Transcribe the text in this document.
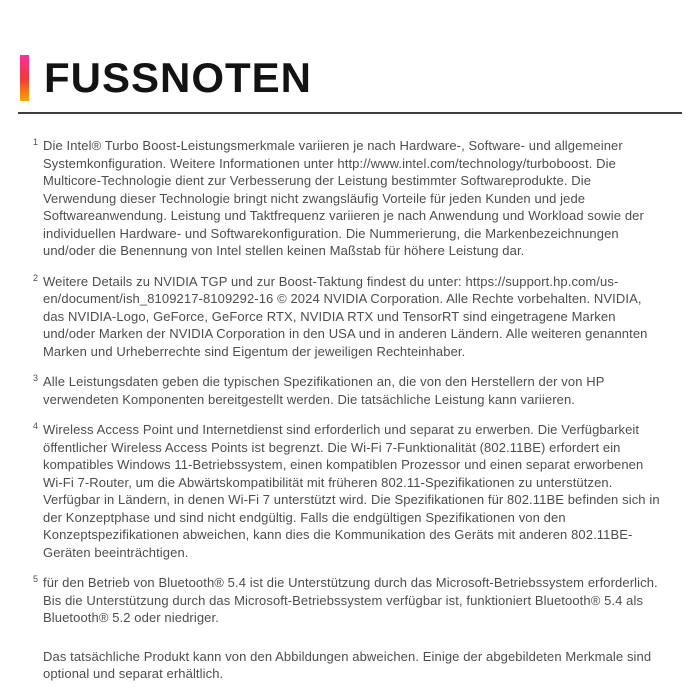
FUSSNOTEN

1 Die Intel® Turbo Boost-Leistungsmerkmale variieren je nach Hardware-, Software- und allgemeiner Systemkonfiguration. Weitere Informationen unter http://www.intel.com/technology/turboboost. Die Multicore-Technologie dient zur Verbesserung der Leistung bestimmter Softwareprodukte. Die Verwendung dieser Technologie bringt nicht zwangsläufig Vorteile für jeden Kunden und jede Softwareanwendung. Leistung und Taktfrequenz variieren je nach Anwendung und Workload sowie der individuellen Hardware- und Softwarekonfiguration. Die Nummerierung, die Markenbezeichnungen und/oder die Benennung von Intel stellen keinen Maßstab für höhere Leistung dar.

2 Weitere Details zu NVIDIA TGP und zur Boost-Taktung findest du unter: https://support.hp.com/us-en/document/ish_8109217-8109292-16 © 2024 NVIDIA Corporation. Alle Rechte vorbehalten. NVIDIA, das NVIDIA-Logo, GeForce, GeForce RTX, NVIDIA RTX und TensorRT sind eingetragene Marken und/oder Marken der NVIDIA Corporation in den USA und in anderen Ländern. Alle weiteren genannten Marken und Urheberrechte sind Eigentum der jeweiligen Rechteinhaber.

3 Alle Leistungsdaten geben die typischen Spezifikationen an, die von den Herstellern der von HP verwendeten Komponenten bereitgestellt werden. Die tatsächliche Leistung kann variieren.

4 Wireless Access Point und Internetdienst sind erforderlich und separat zu erwerben. Die Verfügbarkeit öffentlicher Wireless Access Points ist begrenzt. Die Wi-Fi 7-Funktionalität (802.11BE) erfordert ein kompatibles Windows 11-Betriebssystem, einen kompatiblen Prozessor und einen separat erworbenen Wi-Fi 7-Router, um die Abwärtskompatibilität mit früheren 802.11-Spezifikationen zu unterstützen. Verfügbar in Ländern, in denen Wi-Fi 7 unterstützt wird. Die Spezifikationen für 802.11BE befinden sich in der Konzeptphase und sind nicht endgültig. Falls die endgültigen Spezifikationen von den Konzeptspezifikationen abweichen, kann dies die Kommunikation des Geräts mit anderen 802.11BE-Geräten beeinträchtigen.

5 für den Betrieb von Bluetooth® 5.4 ist die Unterstützung durch das Microsoft-Betriebssystem erforderlich. Bis die Unterstützung durch das Microsoft-Betriebssystem verfügbar ist, funktioniert Bluetooth® 5.4 als Bluetooth® 5.2 oder niedriger.

Das tatsächliche Produkt kann von den Abbildungen abweichen. Einige der abgebildeten Merkmale sind optional und separat erhältlich.
